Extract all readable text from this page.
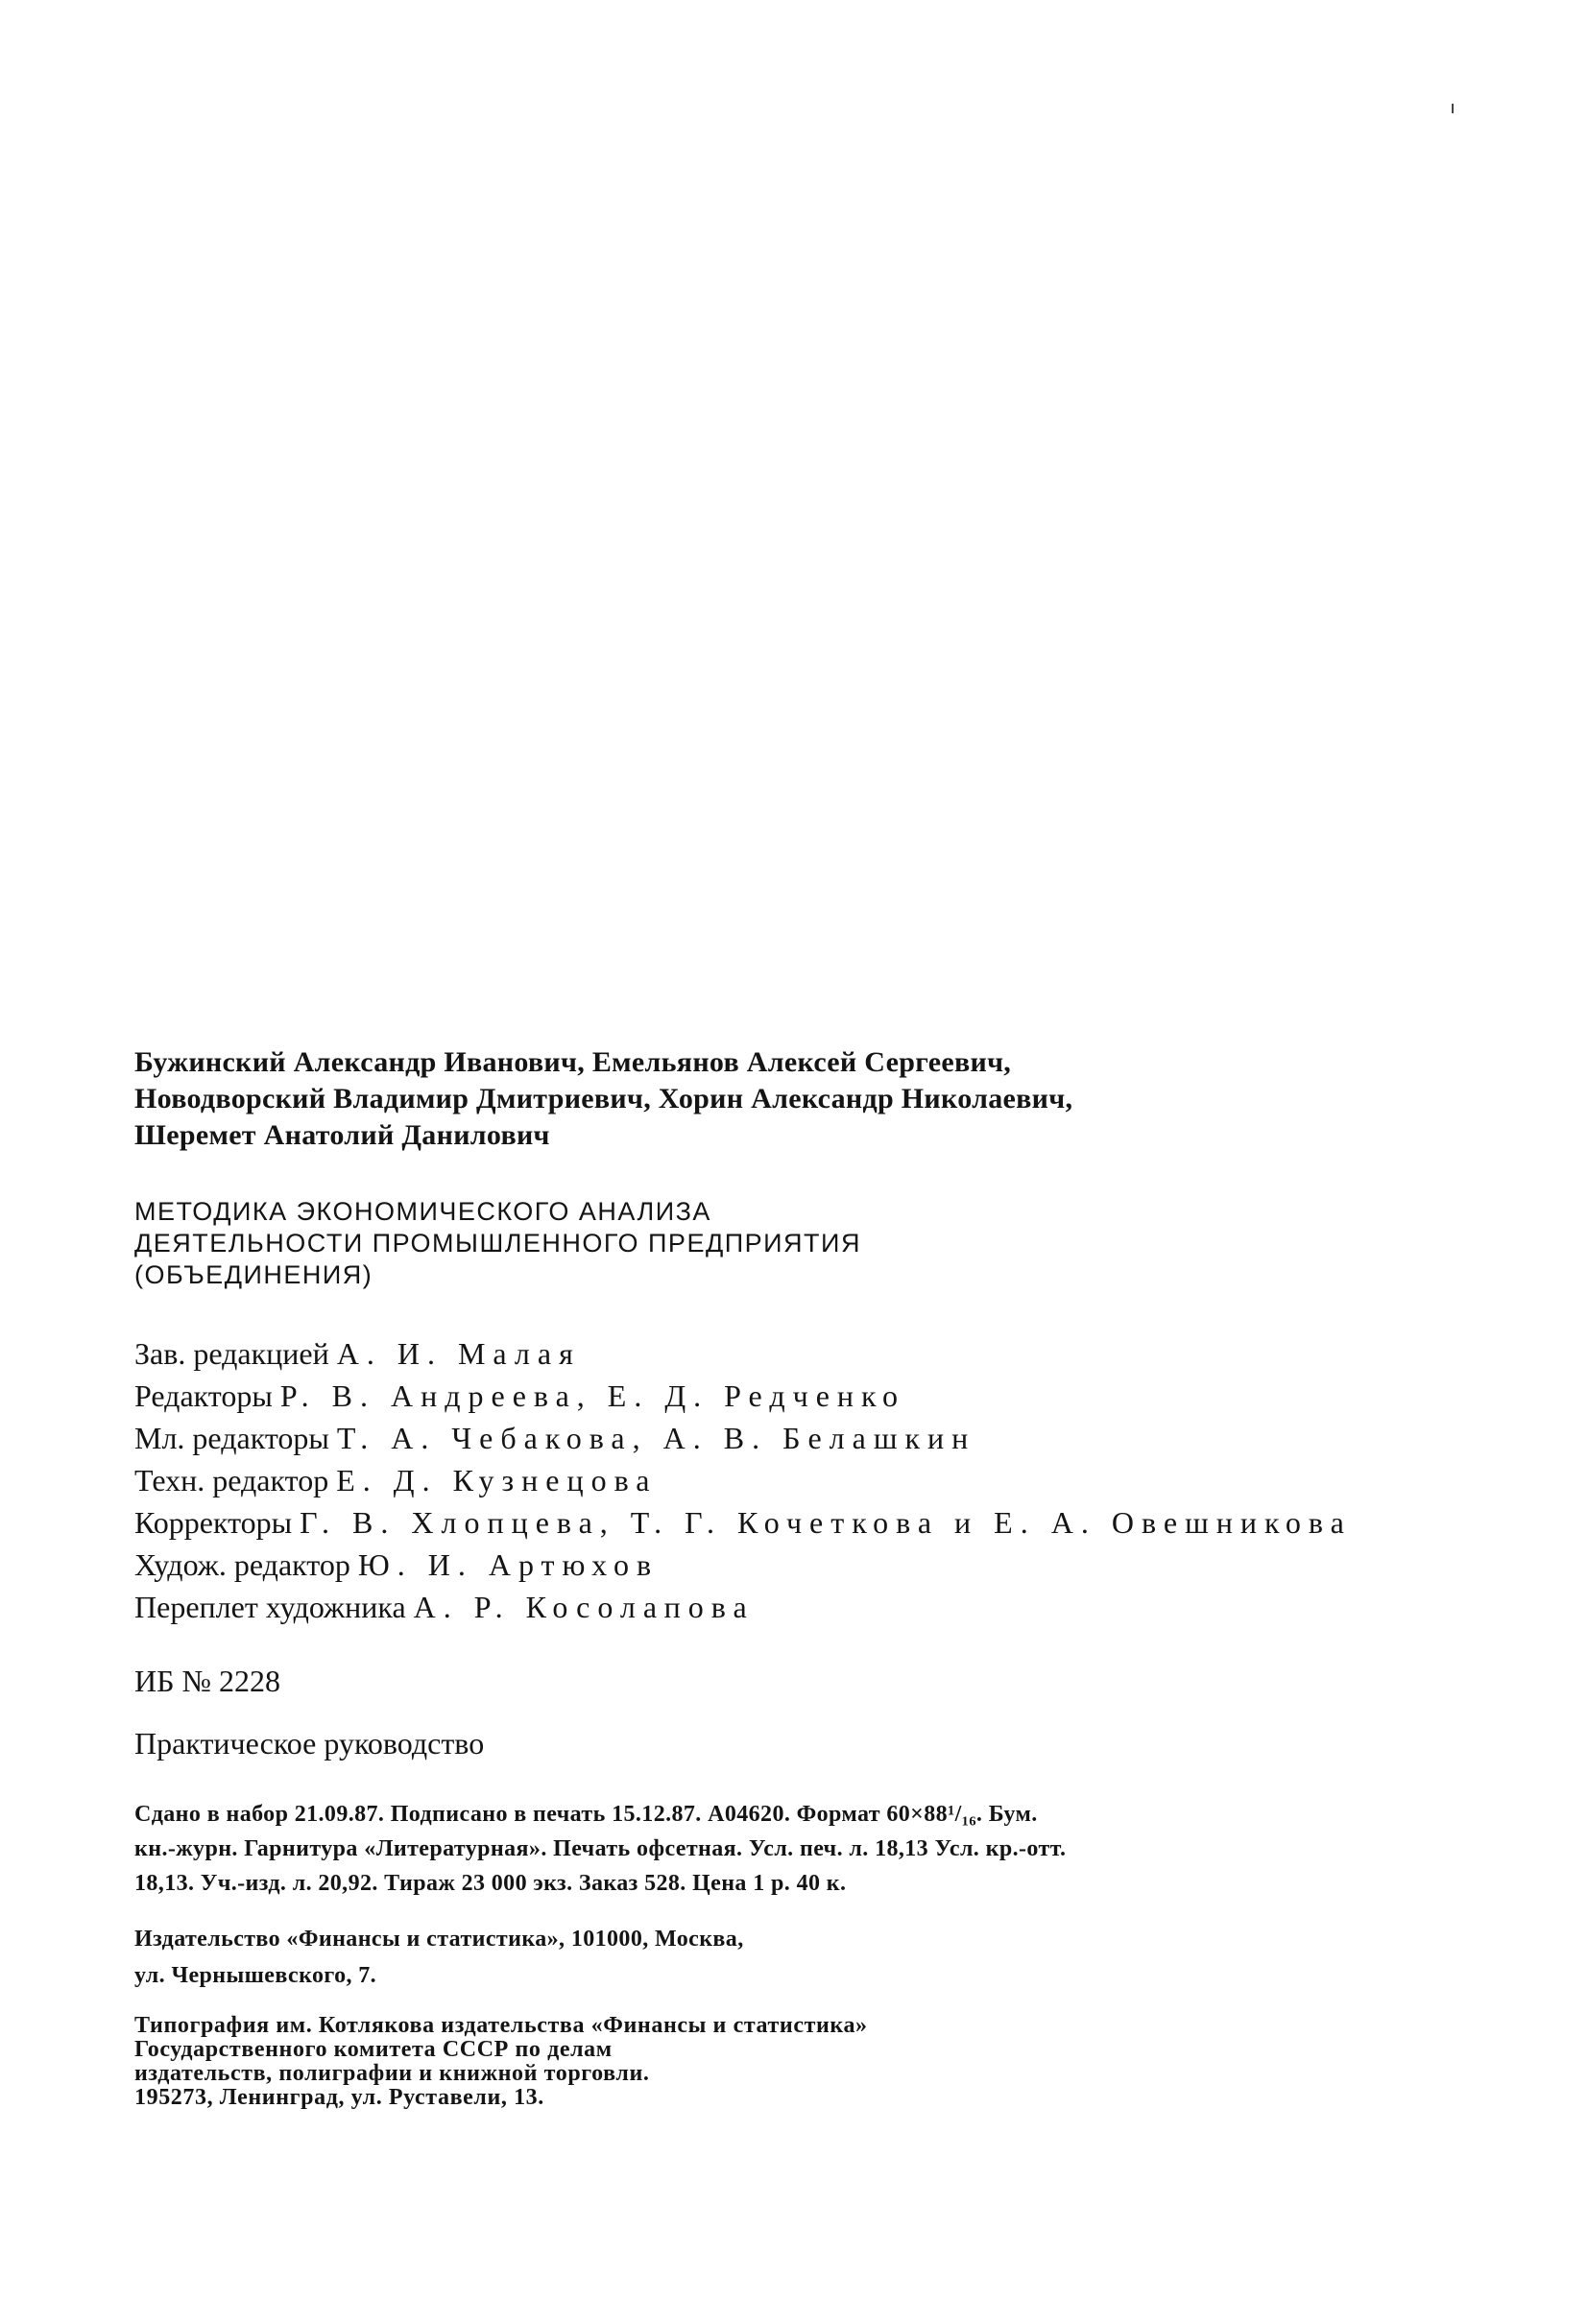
Бужинский Александр Иванович, Емельянов Алексей Сергеевич,
Новодворский Владимир Дмитриевич, Хорин Александр Николаевич,
Шеремет Анатолий Данилович
МЕТОДИКА ЭКОНОМИЧЕСКОГО АНАЛИЗА
ДЕЯТЕЛЬНОСТИ ПРОМЫШЛЕННОГО ПРЕДПРИЯТИЯ
(ОБЪЕДИНЕНИЯ)
Зав. редакцией А. И. Малая
Редакторы Р. В. Андреева, Е. Д. Редченко
Мл. редакторы Т. А. Чебакова, А. В. Белашкин
Техн. редактор Е. Д. Кузнецова
Корректоры Г. В. Хлопцева, Т. Г. Кочеткова и Е. А. Овешникова
Худож. редактор Ю. И. Артюхов
Переплет художника А. Р. Косолапова
ИБ № 2228
Практическое руководство
Сдано в набор 21.09.87. Подписано в печать 15.12.87. А04620. Формат 60×88¹/₁₆. Бум.
кн.-журн. Гарнитура «Литературная». Печать офсетная. Усл. печ. л. 18,13 Усл. кр.-отт.
18,13. Уч.-изд. л. 20,92. Тираж 23 000 экз. Заказ 528. Цена 1 р. 40 к.
Издательство «Финансы и статистика», 101000, Москва,
ул. Чернышевского, 7.
Типография им. Котлякова издательства «Финансы и статистика»
Государственного комитета СССР по делам
издательств, полиграфии и книжной торговли.
195273, Ленинград, ул. Руставели, 13.
